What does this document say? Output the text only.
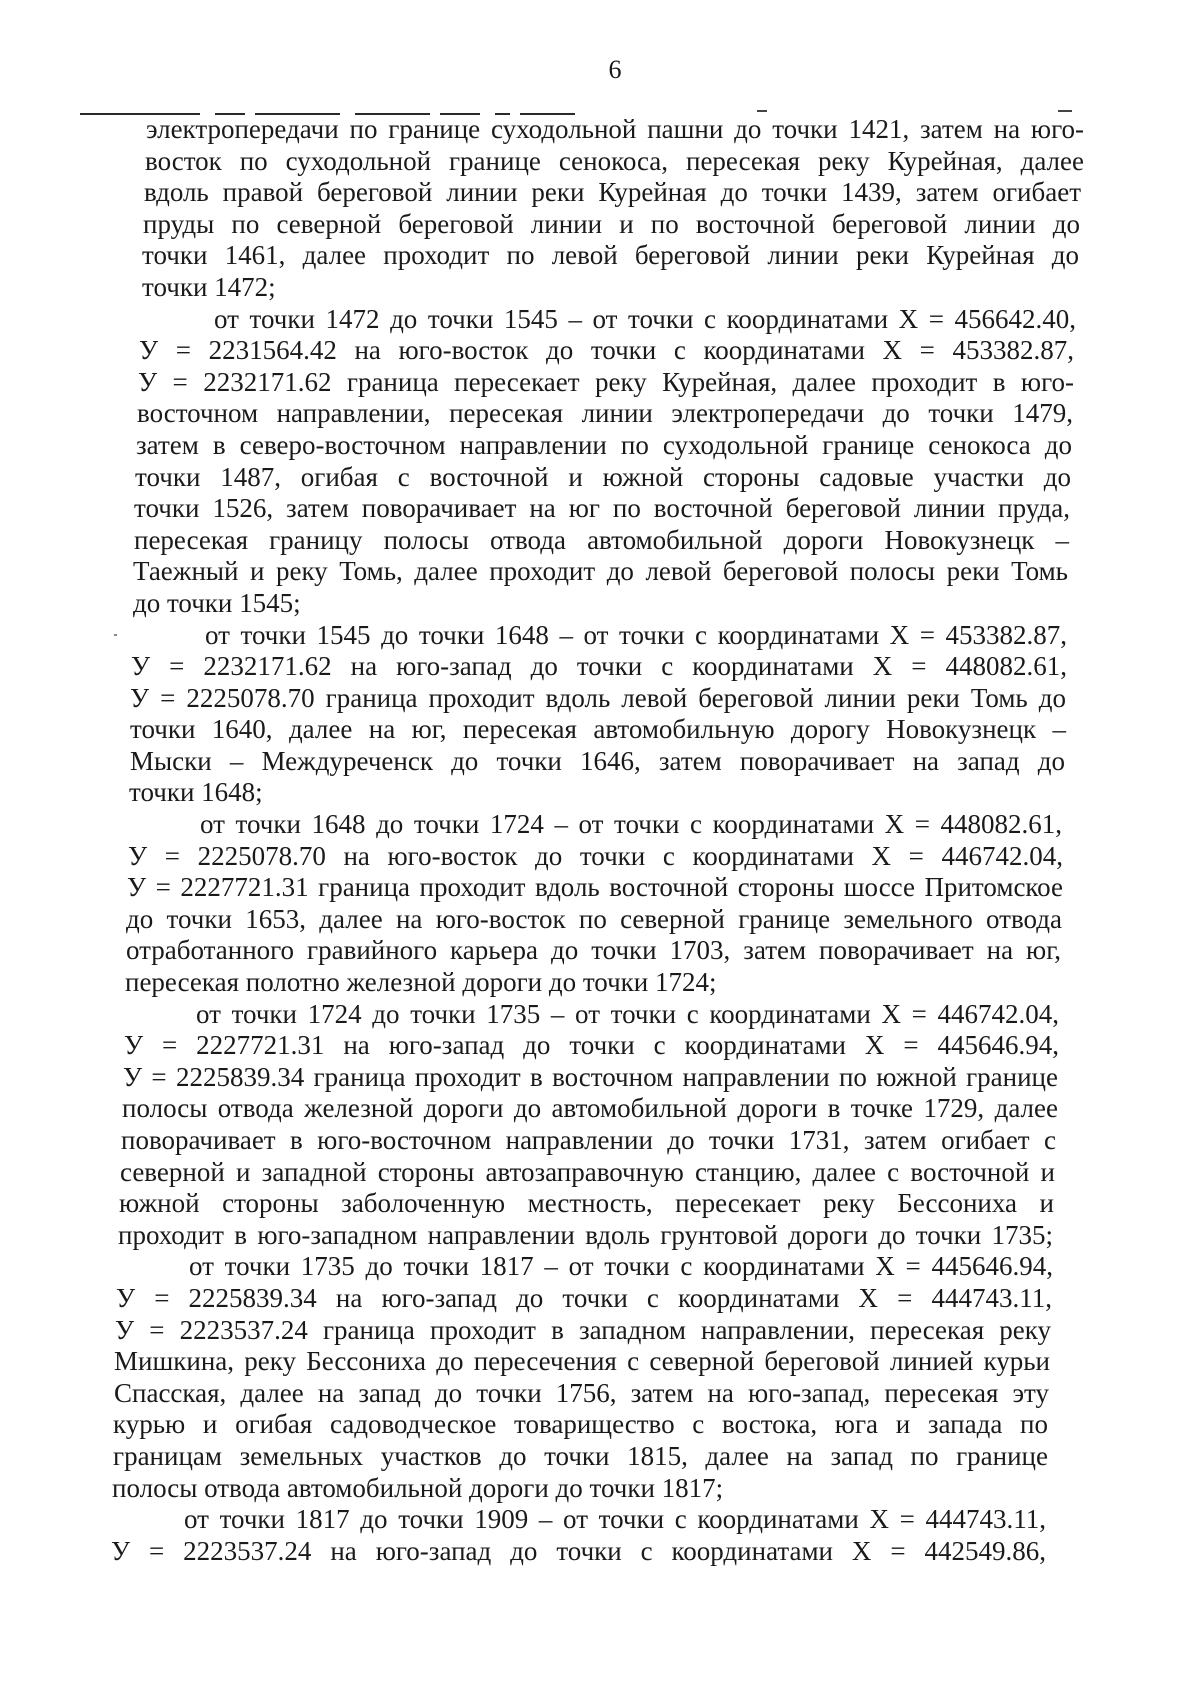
6
электропередачи по границе суходольной пашни до точки 1421, затем на юго-
восток по суходольной границе сенокоса, пересекая реку Курейная, далее
вдоль правой береговой линии реки Курейная до точки 1439, затем огибает
пруды по северной береговой линии и по восточной береговой линии до
точки 1461, далее проходит по левой береговой линии реки Курейная до
точки 1472;
от точки 1472 до точки 1545 – от точки с координатами Х = 456642.40,
У = 2231564.42 на юго-восток до точки с координатами Х = 453382.87,
У = 2232171.62 граница пересекает реку Курейная, далее проходит в юго-
восточном направлении, пересекая линии электропередачи до точки 1479,
затем в северо-восточном направлении по суходольной границе сенокоса до
точки 1487, огибая с восточной и южной стороны садовые участки до
точки 1526, затем поворачивает на юг по восточной береговой линии пруда,
пересекая границу полосы отвода автомобильной дороги Новокузнецк –
Таежный и реку Томь, далее проходит до левой береговой полосы реки Томь
до точки 1545;
от точки 1545 до точки 1648 – от точки с координатами Х = 453382.87,
У = 2232171.62 на юго-запад до точки с координатами Х = 448082.61,
У = 2225078.70 граница проходит вдоль левой береговой линии реки Томь до
точки 1640, далее на юг, пересекая автомобильную дорогу Новокузнецк –
Мыски – Междуреченск до точки 1646, затем поворачивает на запад до
точки 1648;
от точки 1648 до точки 1724 – от точки с координатами Х = 448082.61,
У = 2225078.70 на юго-восток до точки с координатами Х = 446742.04,
У = 2227721.31 граница проходит вдоль восточной стороны шоссе Притомское
до точки 1653, далее на юго-восток по северной границе земельного отвода
отработанного гравийного карьера до точки 1703, затем поворачивает на юг,
пересекая полотно железной дороги до точки 1724;
от точки 1724 до точки 1735 – от точки с координатами Х = 446742.04,
У = 2227721.31 на юго-запад до точки с координатами Х = 445646.94,
У = 2225839.34 граница проходит в восточном направлении по южной границе
полосы отвода железной дороги до автомобильной дороги в точке 1729, далее
поворачивает в юго-восточном направлении до точки 1731, затем огибает с
северной и западной стороны автозаправочную станцию, далее с восточной и
южной стороны заболоченную местность, пересекает реку Бессониха и
проходит в юго-западном направлении вдоль грунтовой дороги до точки 1735;
от точки 1735 до точки 1817 – от точки с координатами Х = 445646.94,
У = 2225839.34 на юго-запад до точки с координатами Х = 444743.11,
У = 2223537.24 граница проходит в западном направлении, пересекая реку
Мишкина, реку Бессониха до пересечения с северной береговой линией курьи
Спасская, далее на запад до точки 1756, затем на юго-запад, пересекая эту
курью и огибая садоводческое товарищество с востока, юга и запада по
границам земельных участков до точки 1815, далее на запад по границе
полосы отвода автомобильной дороги до точки 1817;
от точки 1817 до точки 1909 – от точки с координатами Х = 444743.11,
У = 2223537.24 на юго-запад до точки с координатами Х = 442549.86,
